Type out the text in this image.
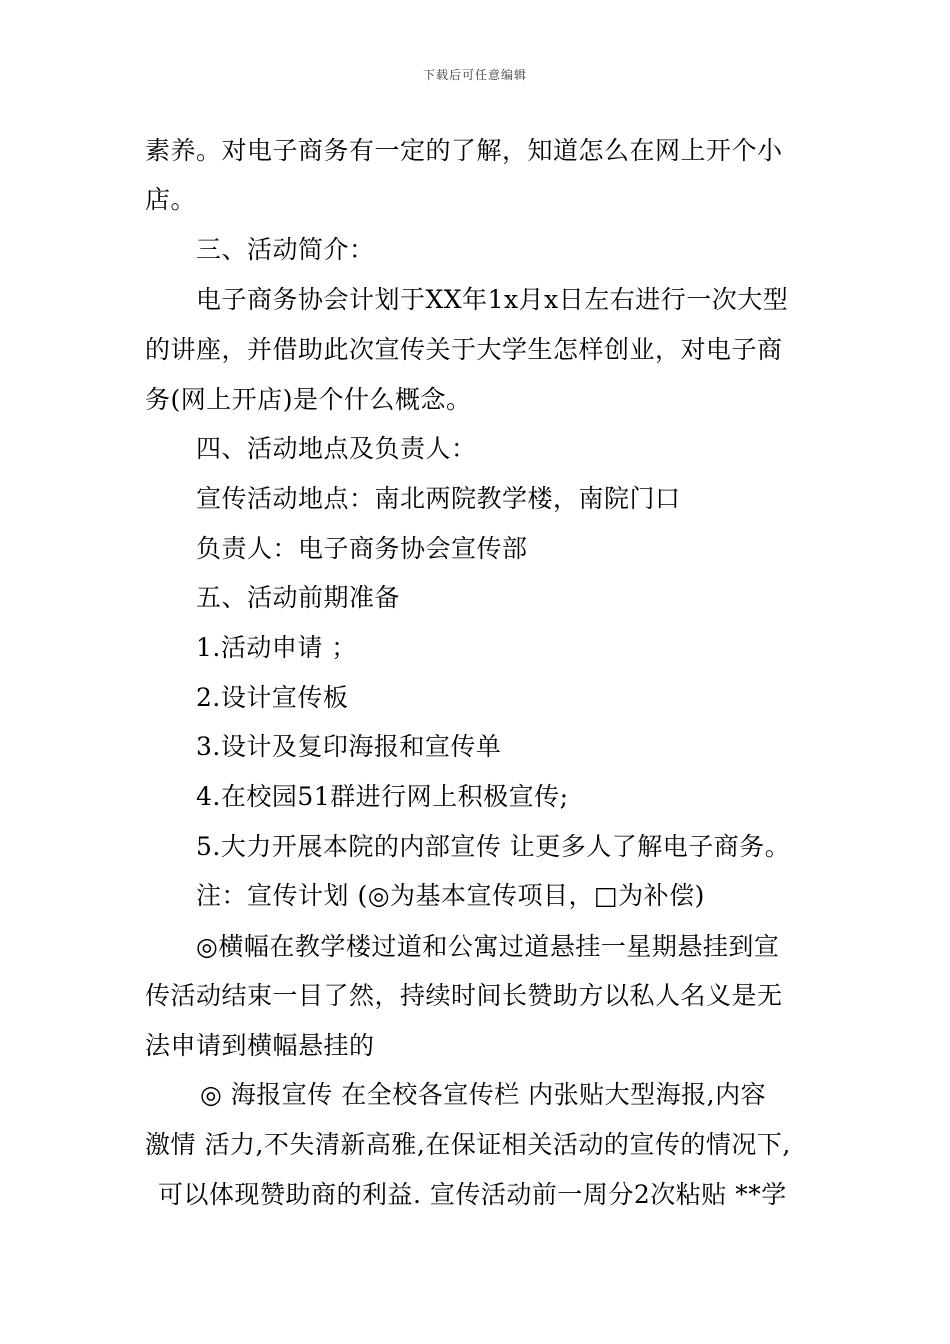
下载后可任意编辑
素养。对电子商务有一定的了解，知道怎么在网上开个小
店。
三、活动简介：
电子商务协会计划于XX年1x月x日左右进行一次大型
的讲座，并借助此次宣传关于大学生怎样创业，对电子商
务(网上开店)是个什么概念。
四、活动地点及负责人：
宣传活动地点：南北两院教学楼，南院门口
负责人：电子商务协会宣传部
五、活动前期准备
1.活动申请 ；
2.设计宣传板
3.设计及复印海报和宣传单
4.在校园51群进行网上积极宣传;
5.大力开展本院的内部宣传 让更多人了解电子商务。
注：宣传计划 (◎为基本宣传项目，□为补偿)
◎横幅在教学楼过道和公寓过道悬挂一星期悬挂到宣
传活动结束一目了然，持续时间长赞助方以私人名义是无
法申请到横幅悬挂的
◎ 海报宣传 在全校各宣传栏 内张贴大型海报,内容
激情 活力,不失清新高雅,在保证相关活动的宣传的情况下,
可以体现赞助商的利益. 宣传活动前一周分2次粘贴 **学
